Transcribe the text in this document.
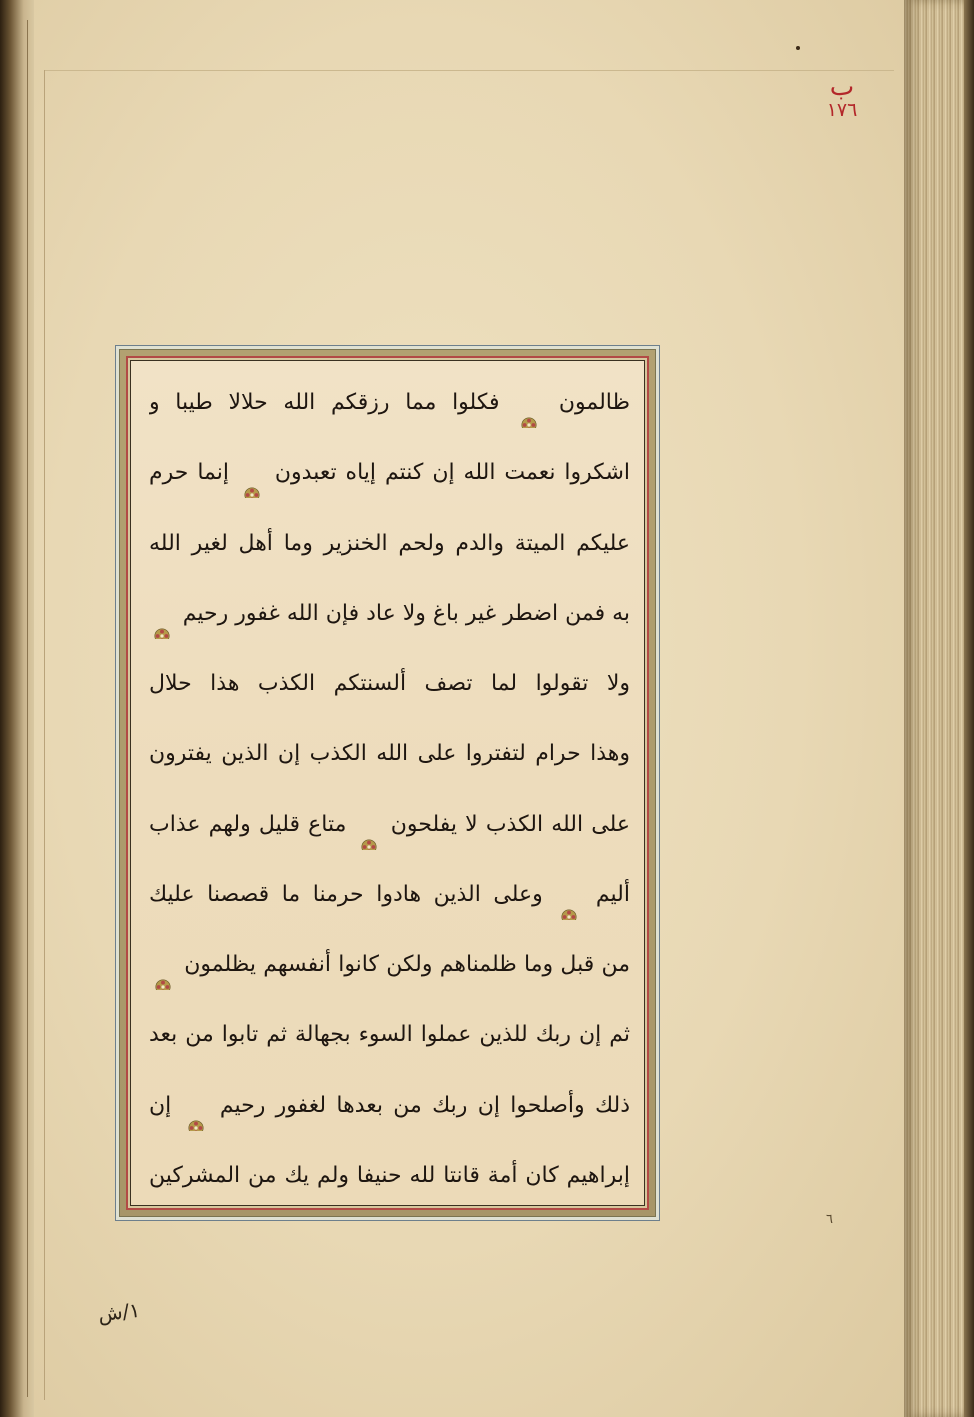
ب
١٧٦
٦
ظالمون  فكلوا مما رزقكم الله حلالا طيبا و
اشكروا نعمت الله إن كنتم إياه تعبدون  إنما حرم
عليكم الميتة والدم ولحم الخنزير وما أهل لغير الله
به فمن اضطر غير باغ ولا عاد فإن الله غفور رحيم
ولا تقولوا لما تصف ألسنتكم الكذب هذا حلال
وهذا حرام لتفتروا على الله الكذب إن الذين يفترون
على الله الكذب لا يفلحون  متاع قليل ولهم عذاب
أليم  وعلى الذين هادوا حرمنا ما قصصنا عليك
من قبل وما ظلمناهم ولكن كانوا أنفسهم يظلمون
ثم إن ربك للذين عملوا السوء بجهالة ثم تابوا من بعد
ذلك وأصلحوا إن ربك من بعدها لغفور رحيم  إن
إبراهيم كان أمة قانتا لله حنيفا ولم يك من المشركين
١/ش
